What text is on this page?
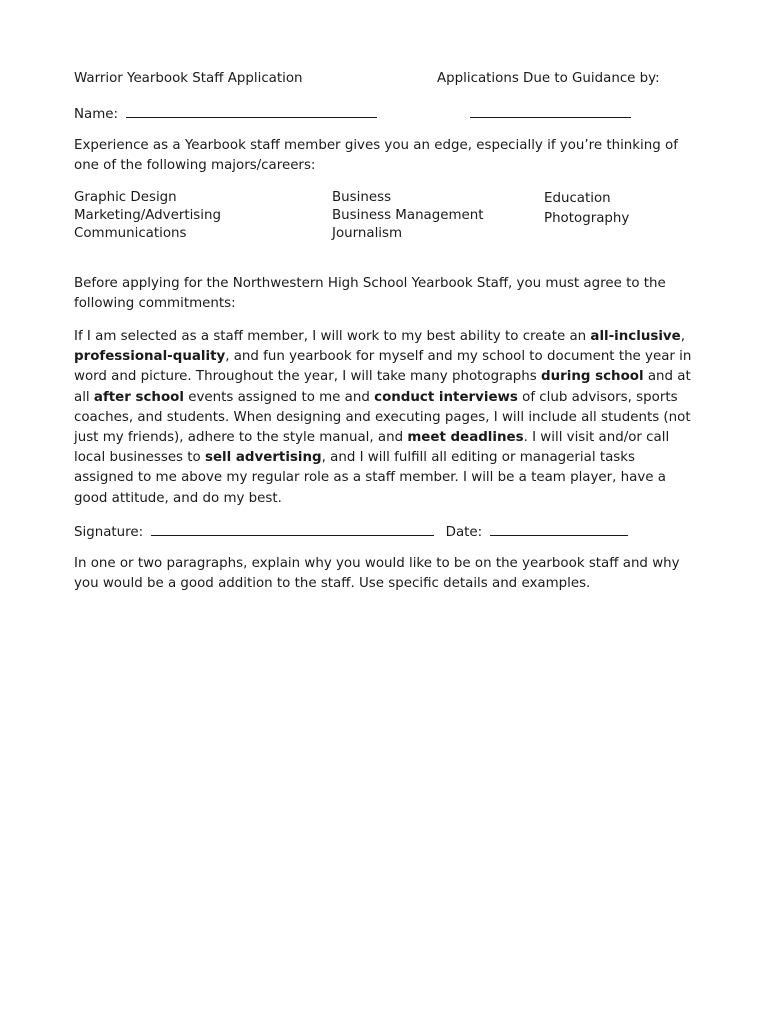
Warrior Yearbook Staff Application	Applications Due to Guidance by:
Name:
Experience as a Yearbook staff member gives you an edge, especially if you’re thinking of one of the following majors/careers:
Graphic Design
Marketing/Advertising
Communications
Business
Business Management
Journalism
Education
Photography
Before applying for the Northwestern High School Yearbook Staff, you must agree to the following commitments:
If I am selected as a staff member, I will work to my best ability to create an all-inclusive, professional-quality, and fun yearbook for myself and my school to document the year in word and picture. Throughout the year, I will take many photographs during school and at all after school events assigned to me and conduct interviews of club advisors, sports coaches, and students. When designing and executing pages, I will include all students (not just my friends), adhere to the style manual, and meet deadlines. I will visit and/or call local businesses to sell advertising, and I will fulfill all editing or managerial tasks assigned to me above my regular role as a staff member. I will be a team player, have a good attitude, and do my best.
Signature:	Date:
In one or two paragraphs, explain why you would like to be on the yearbook staff and why you would be a good addition to the staff. Use specific details and examples.
